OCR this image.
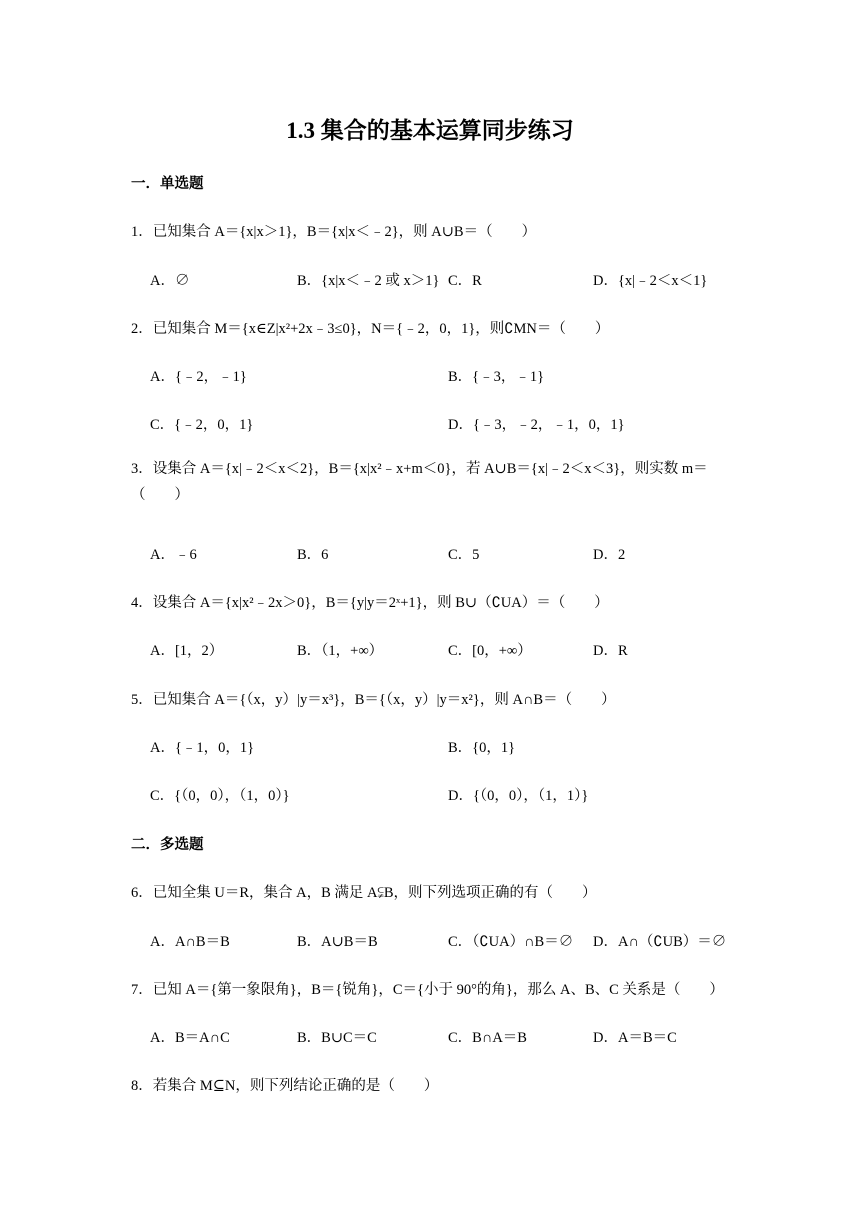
1.3 集合的基本运算同步练习
一．单选题
1．已知集合 A＝{x|x＞1}，B＝{x|x＜﹣2}，则 A∪B＝（　　）
A．∅	B．{x|x＜﹣2 或 x＞1} C．R	D．{x|﹣2＜x＜1}
2．已知集合 M＝{x∈Z|x²+2x﹣3≤0}，N＝{﹣2，0，1}，则∁MN＝（　　）
A．{﹣2，﹣1}	B．{﹣3，﹣1}
C．{﹣2，0，1}	D．{﹣3，﹣2，﹣1，0，1}
3．设集合 A＝{x|﹣2＜x＜2}，B＝{x|x²﹣x+m＜0}，若 A∪B＝{x|﹣2＜x＜3}，则实数 m＝（　　）
A．﹣6	B．6	C．5	D．2
4．设集合 A＝{x|x²﹣2x＞0}，B＝{y|y＝2ˣ+1}，则 B∪（∁UA）＝（　　）
A．[1，2）	B．（1，+∞）	C．[0，+∞）	D．R
5．已知集合 A＝{（x，y）|y＝x³}，B＝{（x，y）|y＝x²}，则 A∩B＝（　　）
A．{﹣1，0，1}	B．{0，1}
C．{（0，0），（1，0）}	D．{（0，0），（1，1）}
二．多选题
6．已知全集 U＝R，集合 A，B 满足 A⫋B，则下列选项正确的有（　　）
A．A∩B＝B	B．A∪B＝B	C．（∁UA）∩B＝∅ D．A∩（∁UB）＝∅
7．已知 A＝{第一象限角}，B＝{锐角}，C＝{小于 90°的角}，那么 A、B、C 关系是（　　）
A．B＝A∩C	B．B∪C＝C	C．B∩A＝B	D．A＝B＝C
8．若集合 M⊆N，则下列结论正确的是（　　）
